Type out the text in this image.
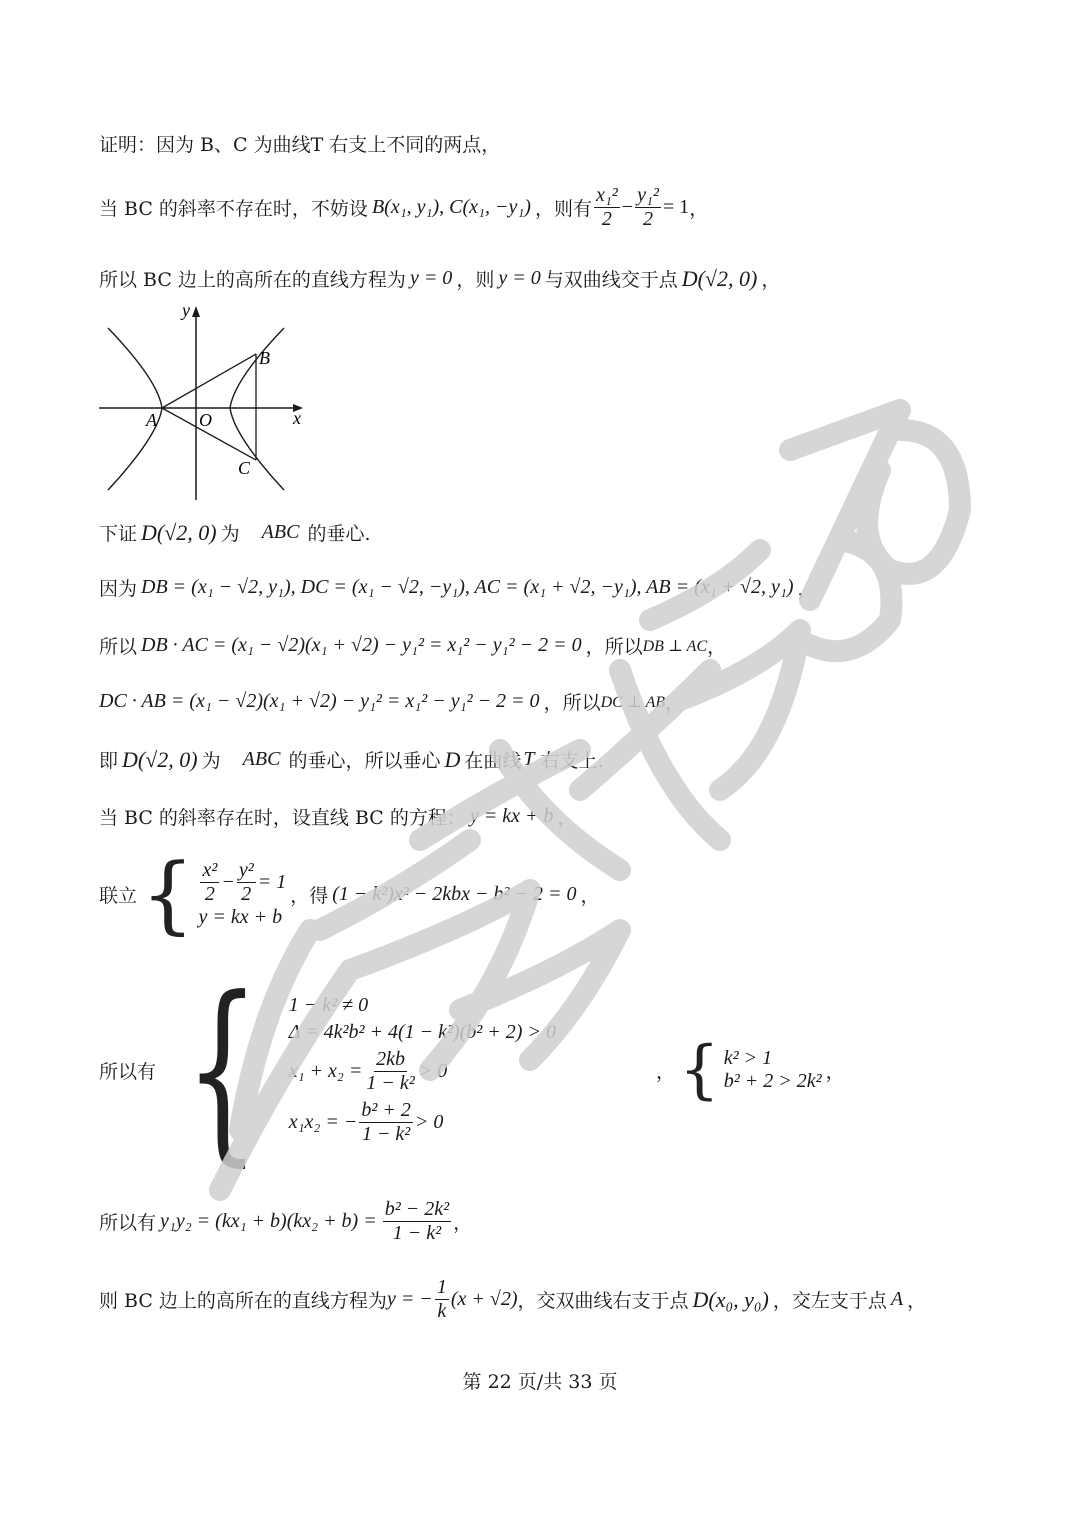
证明：因为 B、C 为曲线T 右支上不同的两点，
当 BC 的斜率不存在时，不妨设 B(x₁, y₁), C(x₁, −y₁) ，则有 $\frac{\text{x₁²}}{2} - \frac{\text{y₁²}}{2} = 1$ ，
所以 BC 边上的高所在的直线方程为 y = 0 ，则 y = 0 与双曲线交于点 D(√2, 0) ，
y
x
B
A O
C
下证 D(√2, 0) 为 ABC 的垂心.
因为 DB = (x₁ − √2, y₁), DC = (x₁ − √2, −y₁), AC = (x₁ + √2, −y₁), AB = (x₁ + √2, y₁) ，
所以 DB · AC = (x₁ − √2)(x₁ + √2) − y₁² = x₁² − y₁² − 2 = 0 ，所以 DB ⊥ AC ，
DC · AB = (x₁ − √2)(x₁ + √2) − y₁² = x₁² − y₁² − 2 = 0 ，所以 DC ⊥ AB ，
即 D(√2, 0) 为 ABC 的垂心，所以垂心 D 在曲线 T 右支上.
当 BC 的斜率存在时，设直线 BC 的方程： y = kx + b ，
联立 { $\frac{\text{x²}}{2} - \frac{\text{y²}}{2} = 1$
y = kx + b
，得 (1 − k²)x² − 2kbx − b² − 2 = 0 ，
所以有 { 1 − k² ≠ 0
Δ = 4k²b² + 4(1 − k²)(b² + 2) > 0
$x_1 + x_2 = \frac{2kb}{\text{1 − k²}} > 0$
x₁x₂ = − $\frac{\text{b² + 2}}{\text{1 − k²}} > 0$
， { k² > 1
b² + 2 > 2k² ，
所以有 $y_1y_2 = (kx_1 + b)(kx_2 + b) = \frac{\text{b² − 2k²}}{\text{1 − k²}}$ ，
则 BC 边上的高所在的直线方程为 y = − $\frac{1}{k} (x + √2)$ ，交双曲线右支于点 D(x₀, y₀) ，交左支于点 A ，
第 22 页/共 33 页
